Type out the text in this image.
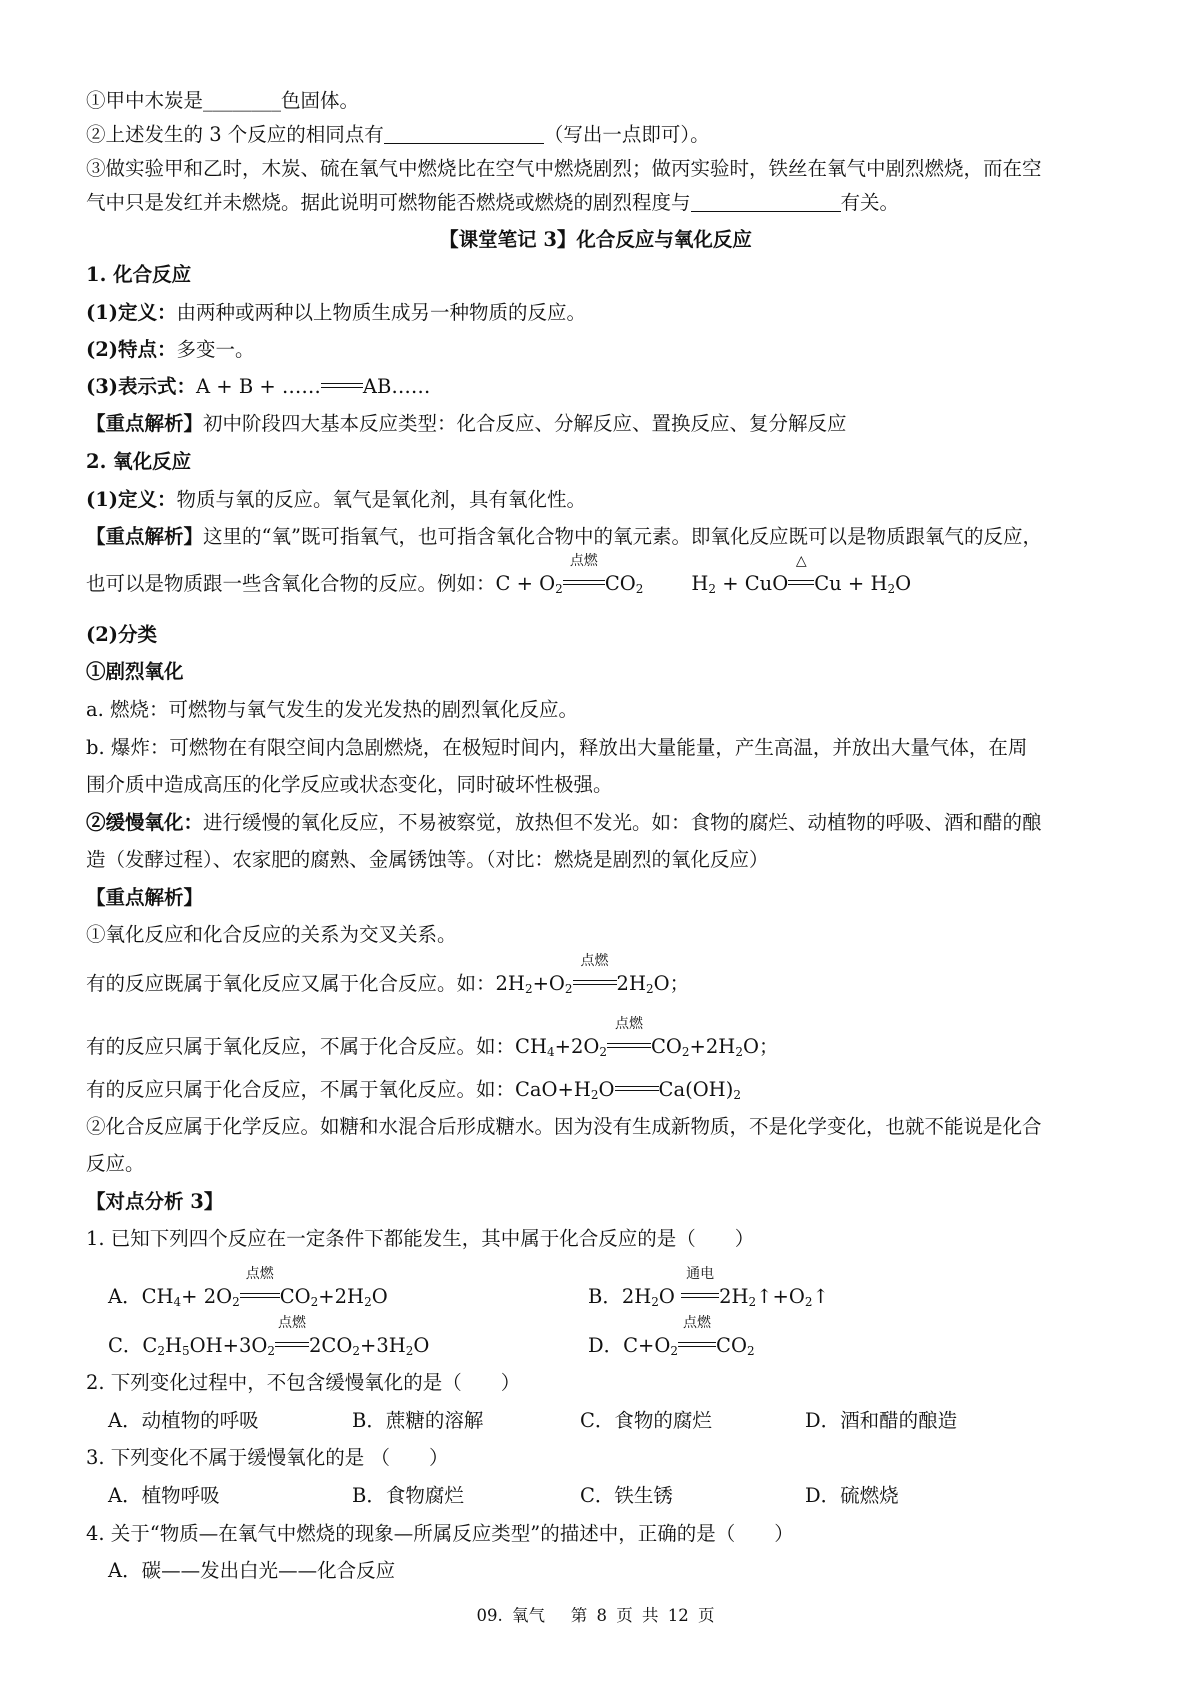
①甲中木炭是________色固体。
②上述发生的 3 个反应的相同点有	（写出一点即可）。
③做实验甲和乙时，木炭、硫在氧气中燃烧比在空气中燃烧剧烈；做丙实验时，铁丝在氧气中剧烈燃烧，而在空
气中只是发红并未燃烧。据此说明可燃物能否燃烧或燃烧的剧烈程度与	有关。
【课堂笔记 3】化合反应与氧化反应
1. 化合反应
(1)定义：由两种或两种以上物质生成另一种物质的反应。
(2)特点：多变一。
(3)表示式：A + B + …… AB……
【重点解析】初中阶段四大基本反应类型：化合反应、分解反应、置换反应、复分解反应
2. 氧化反应
(1)定义：物质与氧的反应。氧气是氧化剂，具有氧化性。
【重点解析】这里的“氧”既可指氧气，也可指含氧化合物中的氧元素。即氧化反应既可以是物质跟氧气的反应，
也可以是物质跟一些含氧化合物的反应。例如：$C + O_2$
点燃
$CO_2$ $H_2$ + CuO
△
$Cu + H_2O$
(2)分类
①剧烈氧化
a. 燃烧：可燃物与氧气发生的发光发热的剧烈氧化反应。
b. 爆炸：可燃物在有限空间内急剧燃烧，在极短时间内，释放出大量能量，产生高温，并放出大量气体，在周
围介质中造成高压的化学反应或状态变化，同时破坏性极强。
②缓慢氧化：进行缓慢的氧化反应，不易被察觉，放热但不发光。如：食物的腐烂、动植物的呼吸、酒和醋的酿
造（发酵过程）、农家肥的腐熟、金属锈蚀等。（对比：燃烧是剧烈的氧化反应）
【重点解析】
①氧化反应和化合反应的关系为交叉关系。
有的反应既属于氧化反应又属于化合反应。如：$2H_2+O_2$
点燃
$2H_2O$；
有的反应只属于氧化反应，不属于化合反应。如：$CH_4+2O_2$
点燃
$CO_2+2H_2O$；
有的反应只属于化合反应，不属于氧化反应。如：$CaO+H_2O$ $Ca(OH)_2$
②化合反应属于化学反应。如糖和水混合后形成糖水。因为没有生成新物质，不是化学变化，也就不能说是化合
反应。
【对点分析 3】
1. 已知下列四个反应在一定条件下都能发生，其中属于化合反应的是（　　）
A．$CH_4+ 2O_2$
点燃
$CO_2+2H_2O$	B．$2H_2O$
通电
$2H_2↑+O_2↑$
C．$C_2H_5OH+3O_2$
点燃
$2CO_2+3H_2O$	D．$C+O_2$
点燃
$CO_2$
2. 下列变化过程中，不包含缓慢氧化的是（　　）
A．动植物的呼吸	B．蔗糖的溶解	C．食物的腐烂	D．酒和醋的酿造
3. 下列变化不属于缓慢氧化的是 （　　）
A．植物呼吸	B．食物腐烂	C．铁生锈	D．硫燃烧
4. 关于“物质—在氧气中燃烧的现象—所属反应类型”的描述中，正确的是（　　）
A．碳——发出白光——化合反应
09. 氧气　 第 8 页 共 12 页
